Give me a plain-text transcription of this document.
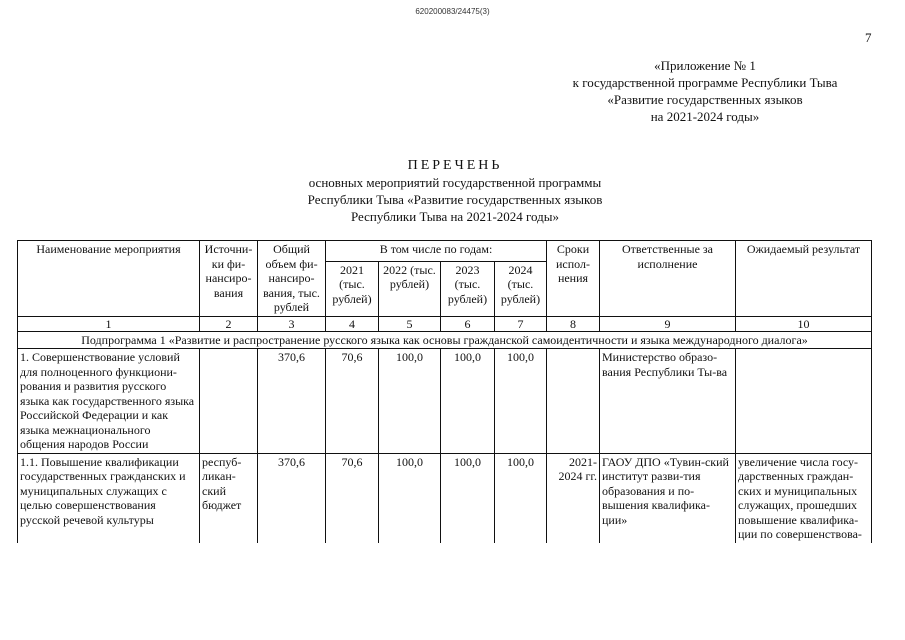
620200083/24475(3)
7
«Приложение № 1
к государственной программе Республики Тыва
«Развитие государственных языков
на 2021-2024 годы»
ПЕРЕЧЕНЬ
основных мероприятий государственной программы
Республики Тыва «Развитие государственных языков
Республики Тыва на 2021-2024 годы»
Наименование мероприятия	Источни-ки фи-нансиро-вания	Общий объем фи-нансиро-вания, тыс. рублей	В том числе по годам:				Сроки испол-нения	Ответственные за исполнение	Ожидаемый результат
			2021 (тыс. рублей)	2022 (тыс. рублей)	2023 (тыс. рублей)	2024 (тыс. рублей)			
1	2	3	4	5	6	7	8	9	10
Подпрограмма 1 «Развитие и распространение русского языка как основы гражданской самоидентичности и языка международного диалога»									
1. Совершенствование условий для полноценного функциони-рования и развития русского языка как государственного языка Российской Федерации и как языка межнационального общения народов России		370,6	70,6	100,0	100,0	100,0		Министерство образо-вания Республики Ты-ва	
1.1. Повышение квалификации государственных гражданских и муниципальных служащих с целью совершенствования русской речевой культуры	респуб-ликан-ский бюджет	370,6	70,6	100,0	100,0	100,0	2021-2024 гг.	ГАОУ ДПО «Тувин-ский институт разви-тия образования и по-вышения квалифика-ции»	увеличение числа госу-дарственных граждан-ских и муниципальных служащих, прошедших повышение квалифика-ции по совершенствова-
